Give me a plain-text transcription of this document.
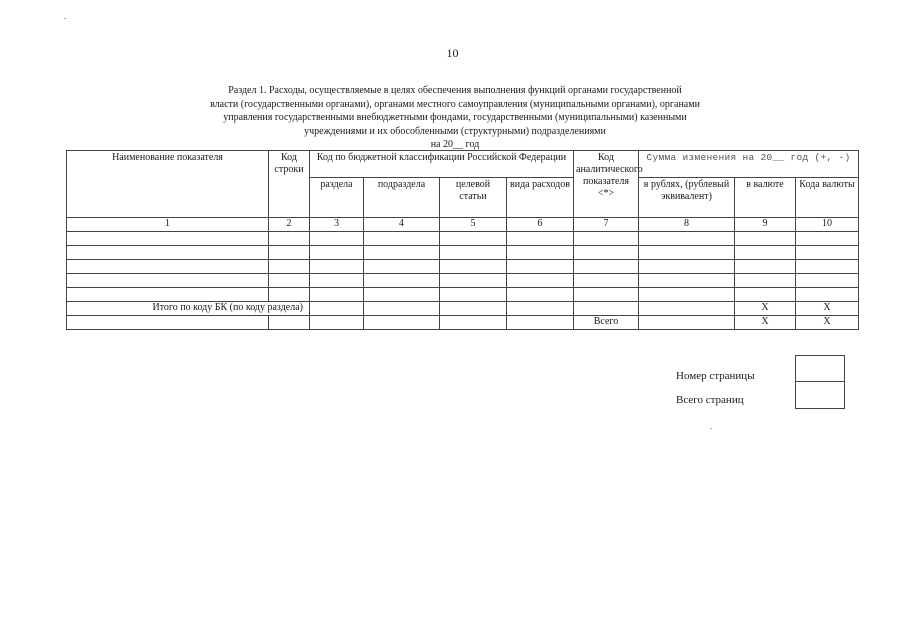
10
Раздел 1. Расходы, осуществляемые в целях обеспечения выполнения функций органами государственной
власти (государственными органами), органами местного самоуправления (муниципальными органами), органами
управления государственными внебюджетными фондами, государственными (муниципальными) казенными
учреждениями и их обособленными (структурными) подразделениями
на 20__ год
Наименование показателя	Код строки	Код по бюджетной классификации Российской Федерации				Код аналитического показателя <*>	Сумма изменения на 20__ год (+, -)		
		раздела	подраздела	целевой статьи	вида расходов		в рублях, (рублевый эквивалент)	в валюте	Кода валюты
1	2	3	4	5	6	7	8	9	10

Итого по коду БК (по коду раздела)								X	X
						Всего		X	X
Номер страницы
Всего страниц
